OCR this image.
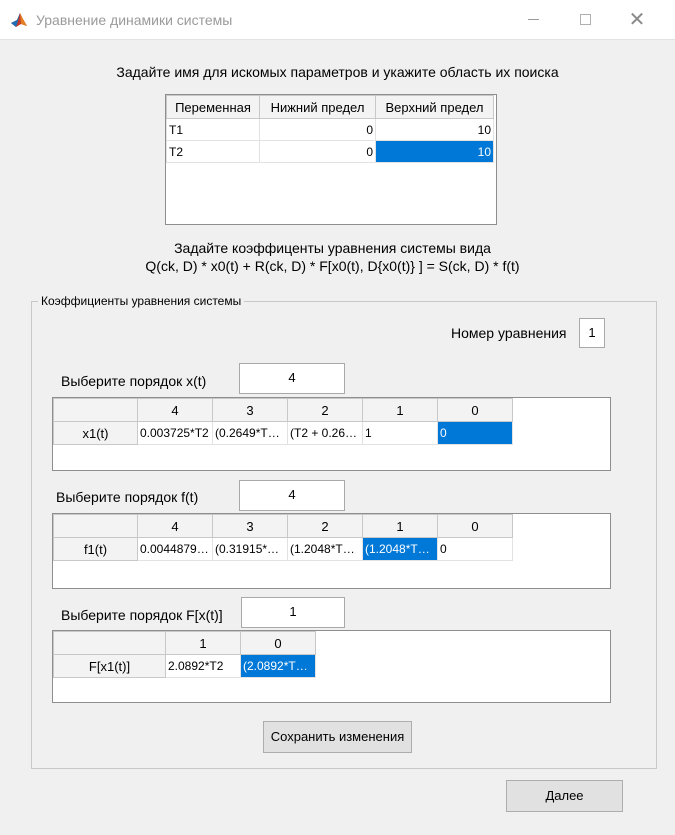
Уравнение динамики системы	✕
Задайте имя для искомых параметров и укажите область их поиска
Переменная	Нижний предел	Верхний предел
T1	0	10
T2	0	10
Задайте коэффиценты уравнения системы вида
Q(ck, D) * x0(t) + R(ck, D) * F[x0(t), D{x0(t)} ] = S(ck, D) * f(t)
Коэффициенты уравнения системы
Номер уравнения	1
Выберите порядок x(t)	4
	4	3	2	1	0
x1(t)	0.003725*T2	(0.2649*T…	(T2 + 0.26…	1	0
Выберите порядок f(t)	4
	4	3	2	1	0
f1(t)	0.0044879…	(0.31915*…	(1.2048*T…	(1.2048*T…	0
Выберите порядок F[x(t)]	1
	1	0
F[x1(t)]	2.0892*T2	(2.0892*T…
Сохранить изменения
Далее
